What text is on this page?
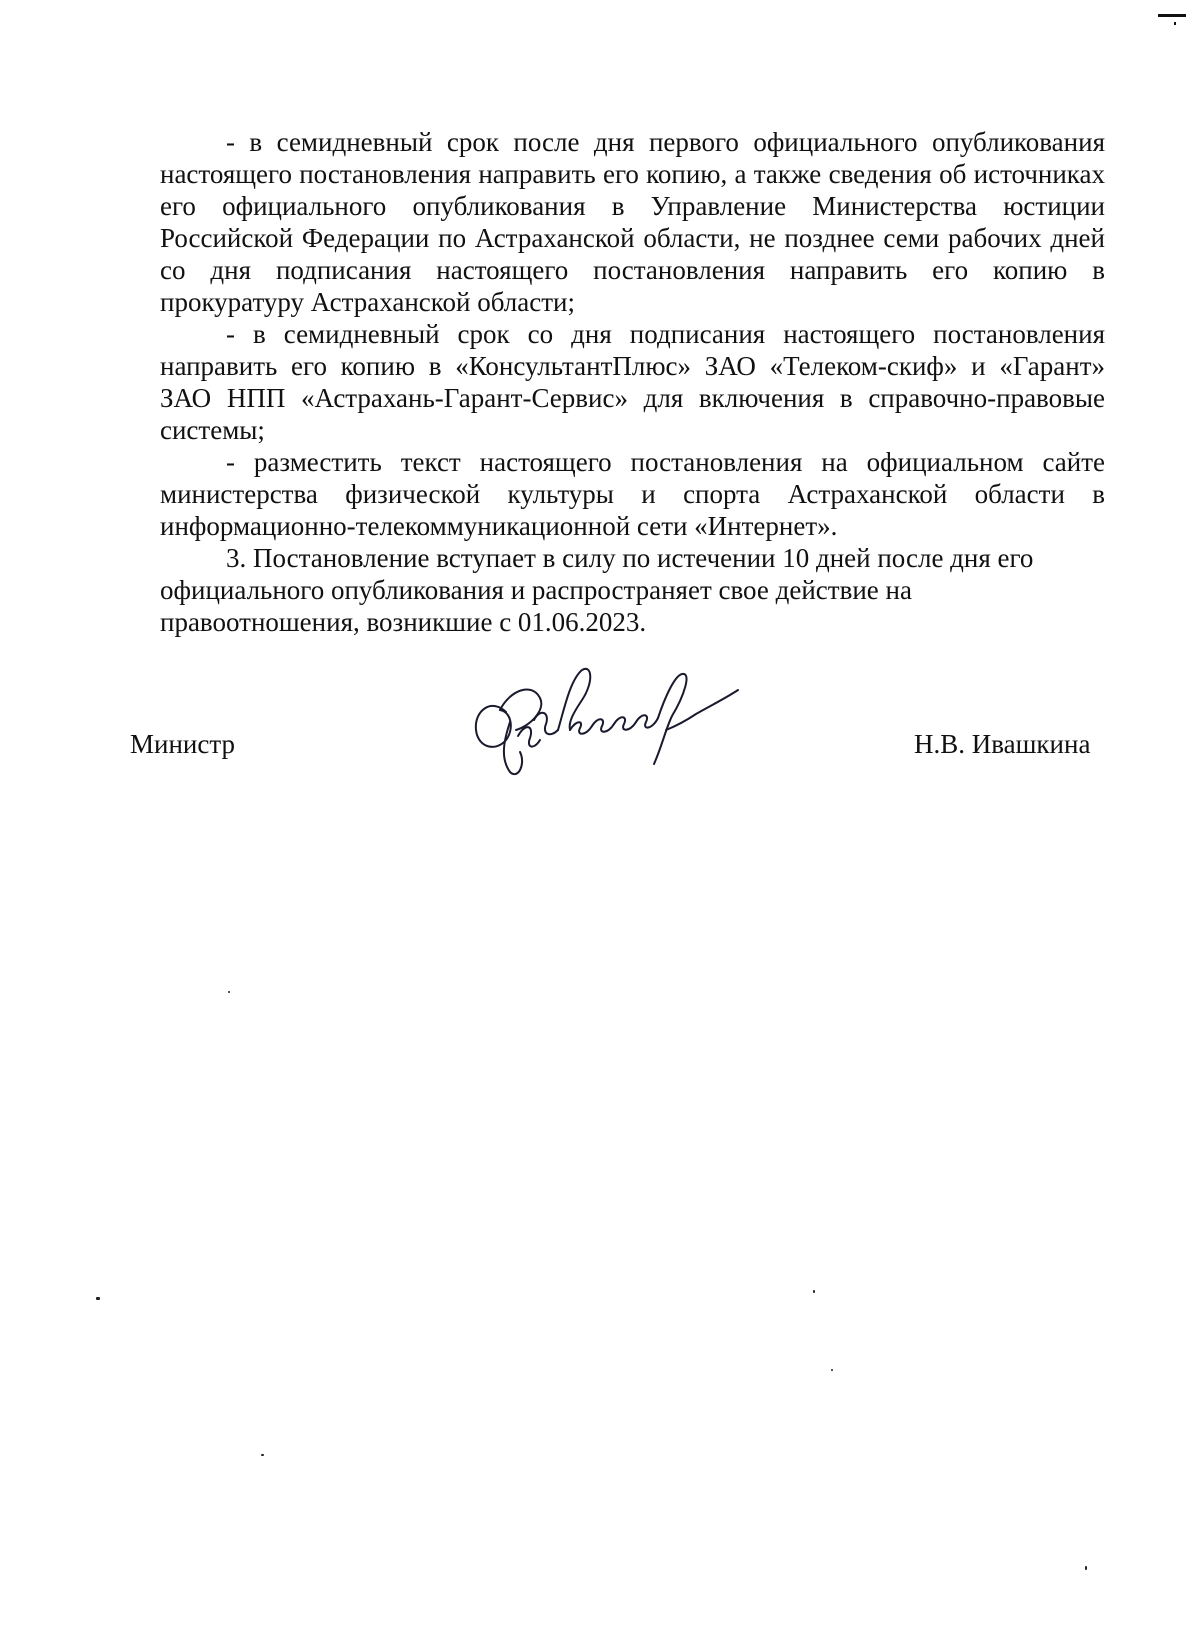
- в семидневный срок после дня первого официального опубликования настоящего постановления направить его копию, а также сведения об источниках его официального опубликования в Управление Министерства юстиции Российской Федерации по Астраханской области, не позднее семи рабочих дней со дня подписания настоящего постановления направить его копию в прокуратуру Астраханской области;

- в семидневный срок со дня подписания настоящего постановления направить его копию в «КонсультантПлюс» ЗАО «Телеком-скиф» и «Гарант» ЗАО НПП «Астрахань-Гарант-Сервис» для включения в справочно-правовые системы;

- разместить текст настоящего постановления на официальном сайте министерства физической культуры и спорта Астраханской области в информационно-телекоммуникационной сети «Интернет».

3. Постановление вступает в силу по истечении 10 дней после дня его официального опубликования и распространяет свое действие на правоотношения, возникшие с 01.06.2023.

Министр	Н.В. Ивашкина
